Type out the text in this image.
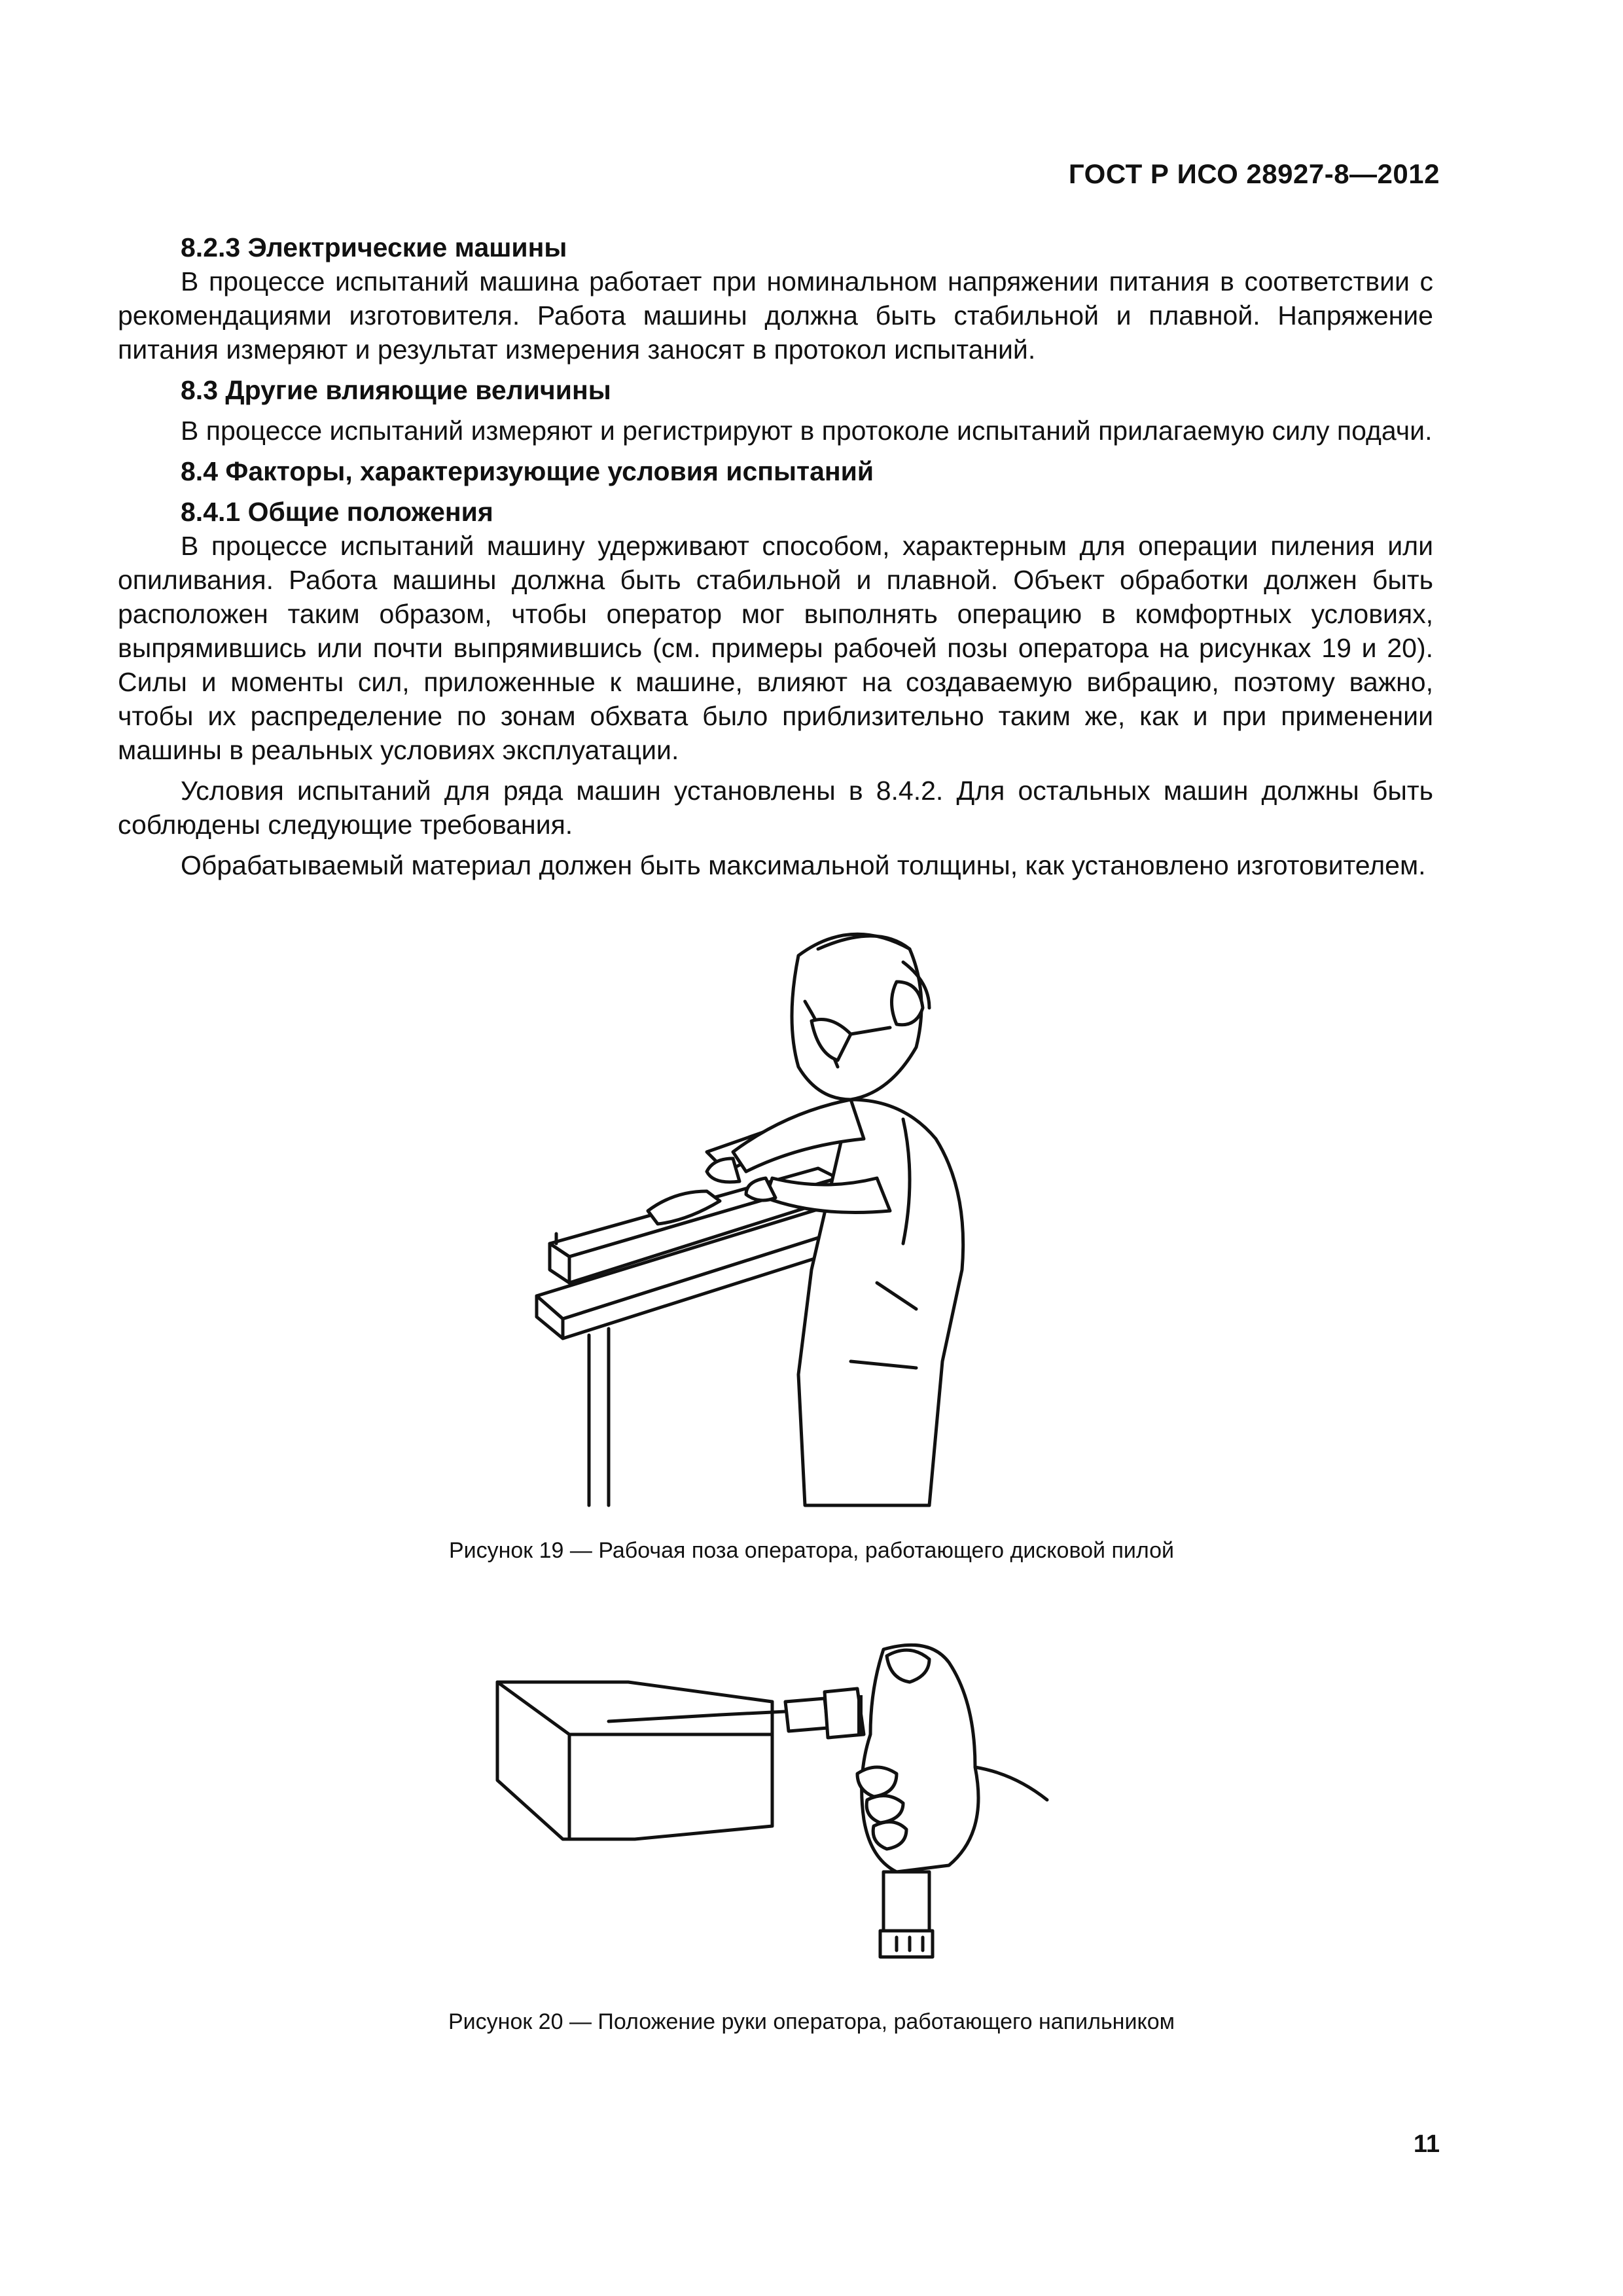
ГОСТ Р ИСО 28927-8—2012

8.2.3 Электрические машины

В процессе испытаний машина работает при номинальном напряжении питания в соответствии с рекомендациями изготовителя. Работа машины должна быть стабильной и плавной. Напряжение питания измеряют и результат измерения заносят в протокол испытаний.

8.3 Другие влияющие величины

В процессе испытаний измеряют и регистрируют в протоколе испытаний прилагаемую силу подачи.

8.4 Факторы, характеризующие условия испытаний

8.4.1 Общие положения

В процессе испытаний машину удерживают способом, характерным для операции пиления или опиливания. Работа машины должна быть стабильной и плавной. Объект обработки должен быть расположен таким образом, чтобы оператор мог выполнять операцию в комфортных условиях, выпрямившись или почти выпрямившись (см. примеры рабочей позы оператора на рисунках 19 и 20). Силы и моменты сил, приложенные к машине, влияют на создаваемую вибрацию, поэтому важно, чтобы их распределение по зонам обхвата было приблизительно таким же, как и при применении машины в реальных условиях эксплуатации.

Условия испытаний для ряда машин установлены в 8.4.2. Для остальных машин должны быть соблюдены следующие требования.

Обрабатываемый материал должен быть максимальной толщины, как установлено изготовителем.

Рисунок 19 — Рабочая поза оператора, работающего дисковой пилой
Рисунок 20 — Положение руки оператора, работающего напильником
11
